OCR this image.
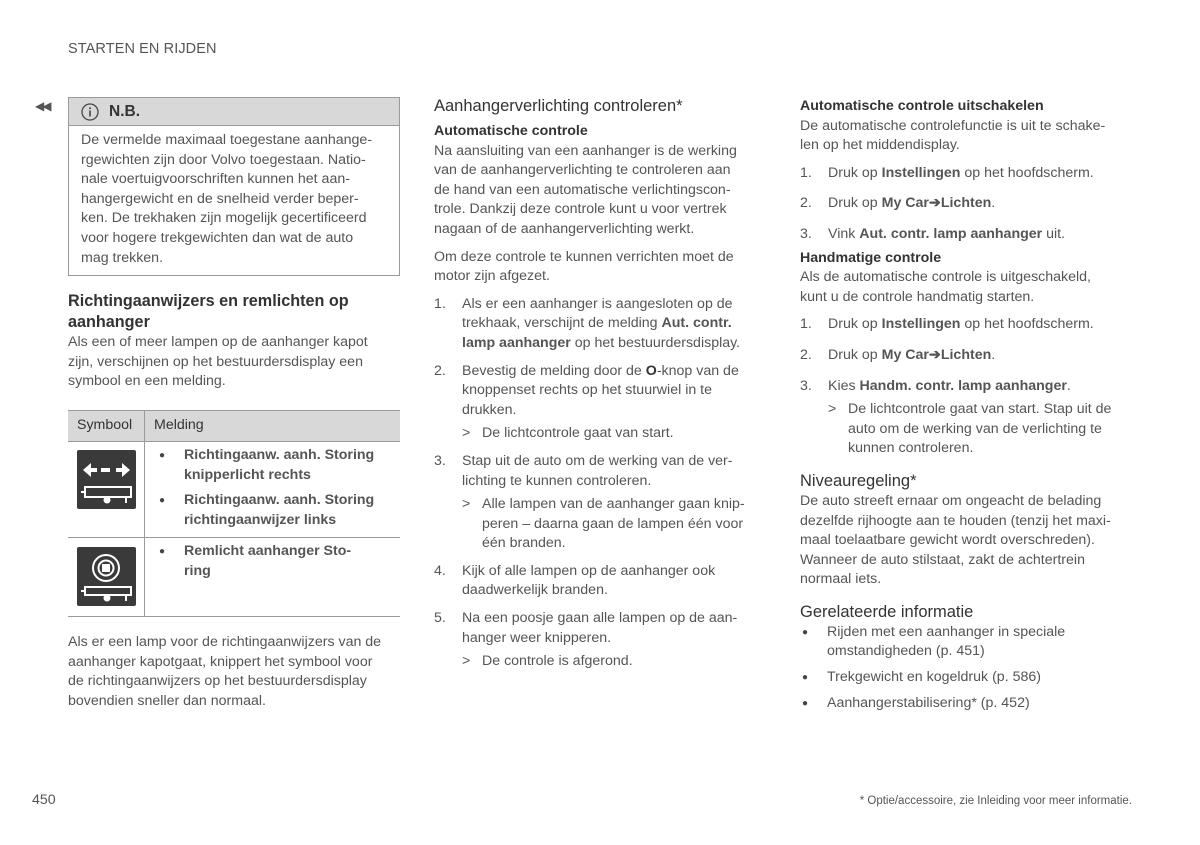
STARTEN EN RIJDEN
◀◀	N.B.
De vermelde maximaal toegestane aanhange-
rgewichten zijn door Volvo toegestaan. Natio-
nale voertuigvoorschriften kunnen het aan-
hangergewicht en de snelheid verder beper-
ken. De trekhaken zijn mogelijk gecertificeerd
voor hogere trekgewichten dan wat de auto
mag trekken.
Richtingaanwijzers en remlichten op
aanhanger
Als een of meer lampen op de aanhanger kapot
zijn, verschijnen op het bestuurdersdisplay een
symbool en een melding.
Symbool	Melding
● Richtingaanw. aanh. Storing
knipperlicht rechts
● Richtingaanw. aanh. Storing
richtingaanwijzer links
● Remlicht aanhanger Sto-
ring
Als er een lamp voor de richtingaanwijzers van de
aanhanger kapotgaat, knippert het symbool voor
de richtingaanwijzers op het bestuurdersdisplay
bovendien sneller dan normaal.
Aanhangerverlichting controleren*
Automatische controle
Na aansluiting van een aanhanger is de werking
van de aanhangerverlichting te controleren aan
de hand van een automatische verlichtingscon-
trole. Dankzij deze controle kunt u voor vertrek
nagaan of de aanhangerverlichting werkt.
Om deze controle te kunnen verrichten moet de
motor zijn afgezet.
1. Als er een aanhanger is aangesloten op de
trekhaak, verschijnt de melding Aut. contr.
lamp aanhanger op het bestuurdersdisplay.
2. Bevestig de melding door de O-knop van de
knoppenset rechts op het stuurwiel in te
drukken.
> De lichtcontrole gaat van start.
3. Stap uit de auto om de werking van de ver-
lichting te kunnen controleren.
> Alle lampen van de aanhanger gaan knip-
peren – daarna gaan de lampen één voor
één branden.
4. Kijk of alle lampen op de aanhanger ook
daadwerkelijk branden.
5. Na een poosje gaan alle lampen op de aan-
hanger weer knipperen.
> De controle is afgerond.
Automatische controle uitschakelen
De automatische controlefunctie is uit te schake-
len op het middendisplay.
1. Druk op Instellingen op het hoofdscherm.
2. Druk op My Car➔Lichten.
3. Vink Aut. contr. lamp aanhanger uit.
Handmatige controle
Als de automatische controle is uitgeschakeld,
kunt u de controle handmatig starten.
1. Druk op Instellingen op het hoofdscherm.
2. Druk op My Car➔Lichten.
3. Kies Handm. contr. lamp aanhanger.
> De lichtcontrole gaat van start. Stap uit de
auto om de werking van de verlichting te
kunnen controleren.
Niveauregeling*
De auto streeft ernaar om ongeacht de belading
dezelfde rijhoogte aan te houden (tenzij het maxi-
maal toelaatbare gewicht wordt overschreden).
Wanneer de auto stilstaat, zakt de achtertrein
normaal iets.
Gerelateerde informatie
● Rijden met een aanhanger in speciale
omstandigheden (p. 451)
● Trekgewicht en kogeldruk (p. 586)
● Aanhangerstabilisering* (p. 452)
450	* Optie/accessoire, zie Inleiding voor meer informatie.
